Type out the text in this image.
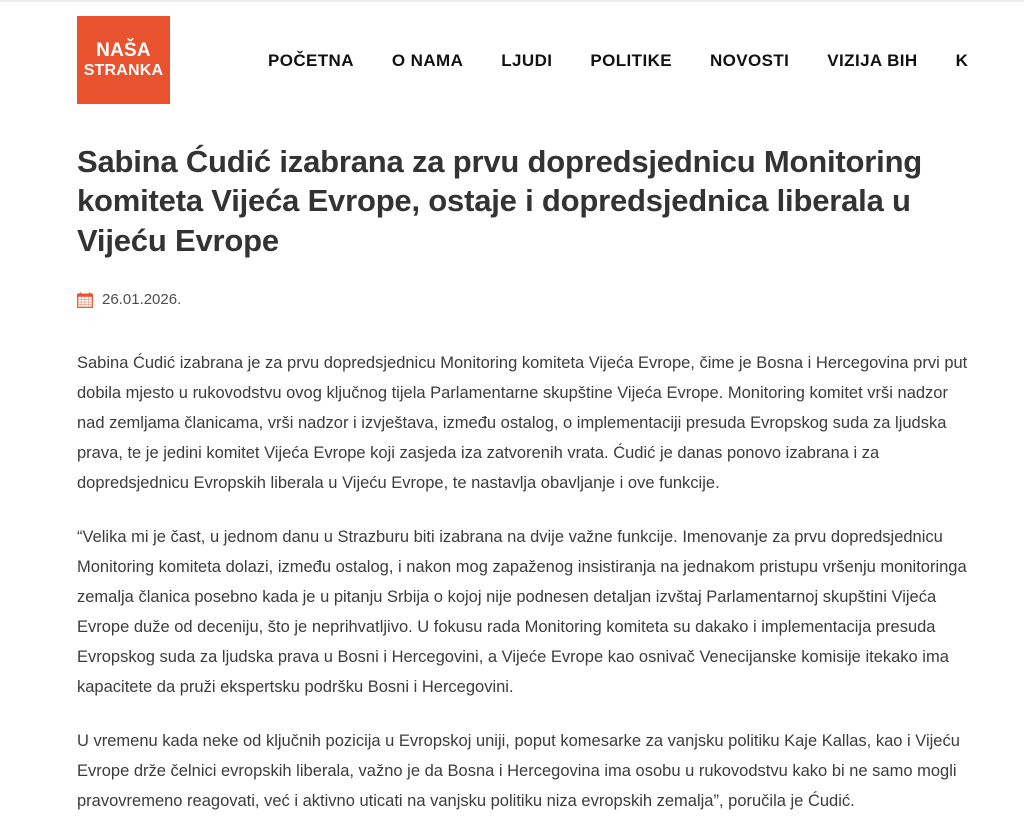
NAŠA
STRANKA
POČETNA O NAMA LJUDI POLITIKE NOVOSTI VIZIJA BIH K
Sabina Ćudić izabrana za prvu dopredsjednicu Monitoring komiteta Vijeća Evrope, ostaje i dopredsjednica liberala u Vijeću Evrope
26.01.2026.

Sabina Ćudić izabrana je za prvu dopredsjednicu Monitoring komiteta Vijeća Evrope, čime je Bosna i Hercegovina prvi put dobila mjesto u rukovodstvu ovog ključnog tijela Parlamentarne skupštine Vijeća Evrope. Monitoring komitet vrši nadzor nad zemljama članicama, vrši nadzor i izvještava, između ostalog, o implementaciji presuda Evropskog suda za ljudska prava, te je jedini komitet Vijeća Evrope koji zasjeda iza zatvorenih vrata. Ćudić je danas ponovo izabrana i za dopredsjednicu Evropskih liberala u Vijeću Evrope, te nastavlja obavljanje i ove funkcije.

“Velika mi je čast, u jednom danu u Strazburu biti izabrana na dvije važne funkcije. Imenovanje za prvu dopredsjednicu Monitoring komiteta dolazi, između ostalog, i nakon mog zapaženog insistiranja na jednakom pristupu vršenju monitoringa zemalja članica posebno kada je u pitanju Srbija o kojoj nije podnesen detaljan izvštaj Parlamentarnoj skupštini Vijeća Evrope duže od deceniju, što je neprihvatljivo. U fokusu rada Monitoring komiteta su dakako i implementacija presuda Evropskog suda za ljudska prava u Bosni i Hercegovini, a Vijeće Evrope kao osnivač Venecijanske komisije itekako ima kapacitete da pruži ekspertsku podršku Bosni i Hercegovini.

U vremenu kada neke od ključnih pozicija u Evropskoj uniji, poput komesarke za vanjsku politiku Kaje Kallas, kao i Vijeću Evrope drže čelnici evropskih liberala, važno je da Bosna i Hercegovina ima osobu u rukovodstvu kako bi ne samo mogli pravovremeno reagovati, već i aktivno uticati na vanjsku politiku niza evropskih zemalja”, poručila je Ćudić.
